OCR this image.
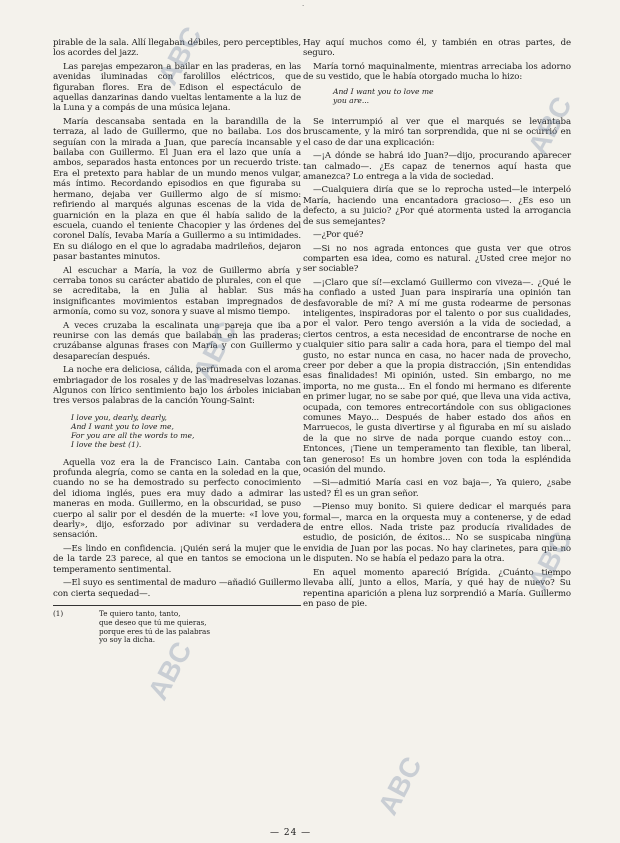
·

pirable de la sala. Allí llegaban débiles, pero perceptibles, los acordes del jazz.

Las parejas empezaron a bailar en las praderas, en las avenidas iluminadas con farolillos eléctricos, que figuraban flores. Era de Edison el espectáculo de aquellas danzarinas dando vueltas lentamente a la luz de la Luna y a compás de una música lejana.

María descansaba sentada en la barandilla de la terraza, al lado de Guillermo, que no bailaba. Los dos seguían con la mirada a Juan, que parecía incansable y bailaba con Guillermo. El Juan era el lazo que unía a ambos, separados hasta entonces por un recuerdo triste. Era el pretexto para hablar de un mundo menos vulgar, más íntimo. Recordando episodios en que figuraba su hermano, dejaba ver Guillermo algo de sí mismo: refiriendo al marqués algunas escenas de la vida de guarnición en la plaza en que él había salido de la escuela, cuando el teniente Chacopier y las órdenes del coronel Dalís, Ievaba María a Guillermo a su intimidades. En su diálogo en el que lo agradaba madrileños, dejaron pasar bastantes minutos.

Al escuchar a María, la voz de Guillermo abría y cerraba tonos su carácter abatido de plurales, con el que se acreditaba, la en Julia al hablar. Sus más insignificantes movimientos estaban impregnados de armonía, como su voz, sonora y suave al mismo tiempo.

A veces cruzaba la escalinata una pareja que iba a reunirse con las demás que bailaban en las praderas; cruzábanse algunas frases con María y con Guillermo y desaparecían después.

La noche era deliciosa, cálida, perfumada con el aroma embriagador de los rosales y de las madreselvas lozanas. Algunos con lírico sentimiento bajo los árboles iniciaban tres versos palabras de la canción Young-Saint:

I love you, dearly, dearly,
And I want you to love me,
For you are all the words to me,
I love the best (1).

Aquella voz era la de Francisco Lain. Cantaba con profunda alegría, como se canta en la soledad en la que, cuando no se ha demostrado su perfecto conocimiento del idioma inglés, pues era muy dado a admirar las maneras en moda. Guillermo, en la obscuridad, se puso cuerpo al salir por el desdén de la muerte: «I love you, dearly», dijo, esforzado por adivinar su verdadera sensación.

—Es lindo en confidencia. ¡Quién será la mujer que le de la tarde 23 parece, al que en tantos se emociona un temperamento sentimental.

—El suyo es sentimental de maduro —añadió Guillermo con cierta sequedad—.

(1)	Te quiero tanto, tanto,
que deseo que tú me quieras,
porque eres tú de las palabras
yo soy la dicha.

Hay aquí muchos como él, y también en otras partes, de seguro.

María tornó maquinalmente, mientras arreciaba los adorno de su vestido, que le había otorgado mucha lo hizo:

And I want you to love me
you are...

Se interrumpió al ver que el marqués se levantaba bruscamente, y la miró tan sorprendida, que ni se ocurrió en el caso de dar una explicación:

—¡A dónde se habrá ido Juan?—dijo, procurando aparecer tan calmado—. ¿Es capaz de tenernos aquí hasta que amanezca? Lo entrega a la vida de sociedad.

—Cualquiera diría que se lo reprocha usted—le interpeló María, haciendo una encantadora gracioso—. ¿Es eso un defecto, a su juicio? ¿Por qué atormenta usted la arrogancia de sus semejantes?

—¿Por qué?

—Si no nos agrada entonces que gusta ver que otros comparten esa idea, como es natural. ¿Usted cree mejor no ser sociable?

—¡Claro que sí!—exclamó Guillermo con viveza—. ¿Qué le ha confiado a usted Juan para inspiraría una opinión tan desfavorable de mí? A mí me gusta rodearme de personas inteligentes, inspiradoras por el talento o por sus cualidades, por el valor. Pero tengo aversión a la vida de sociedad, a ciertos centros, a esta necesidad de encontrarse de noche en cualquier sitio para salir a cada hora, para el tiempo del mal gusto, no estar nunca en casa, no hacer nada de provecho, creer por deber a que la propia distracción, ¡Sin entendidas esas finalidades! Mi opinión, usted. Sin embargo, no me importa, no me gusta... En el fondo mi hermano es diferente en primer lugar, no se sabe por qué, que lleva una vida activa, ocupada, con temores entrecortándole con sus obligaciones comunes Mayo... Después de haber estado dos años en Marruecos, le gusta divertirse y al figuraba en mí su aislado de la que no sirve de nada porque cuando estoy con... Entonces, ¡Tiene un temperamento tan flexible, tan liberal, tan generoso! Es un hombre joven con toda la espléndida ocasión del mundo.

—Si—admitió María casi en voz baja—, Ya quiero, ¿sabe usted? Él es un gran señor.

—Pienso muy bonito. Si quiere dedicar el marqués para formal—, marca en la orquesta muy a contenerse, y de edad de entre ellos. Nada triste paz producía rivalidades de estudio, de posición, de éxitos... No se suspicaba ninguna envidia de Juan por las pocas. No hay clarinetes, para que no le disputen. No se había el pedazo para la otra.

En aquel momento apareció Brígida. ¿Cuánto tiempo llevaba allí, junto a ellos, María, y qué hay de nuevo? Su repentina aparición a plena luz sorprendió a María. Guillermo en paso de pie.

— 24 —
ABC
ABC
ABC
ABC
ABC
ABC
